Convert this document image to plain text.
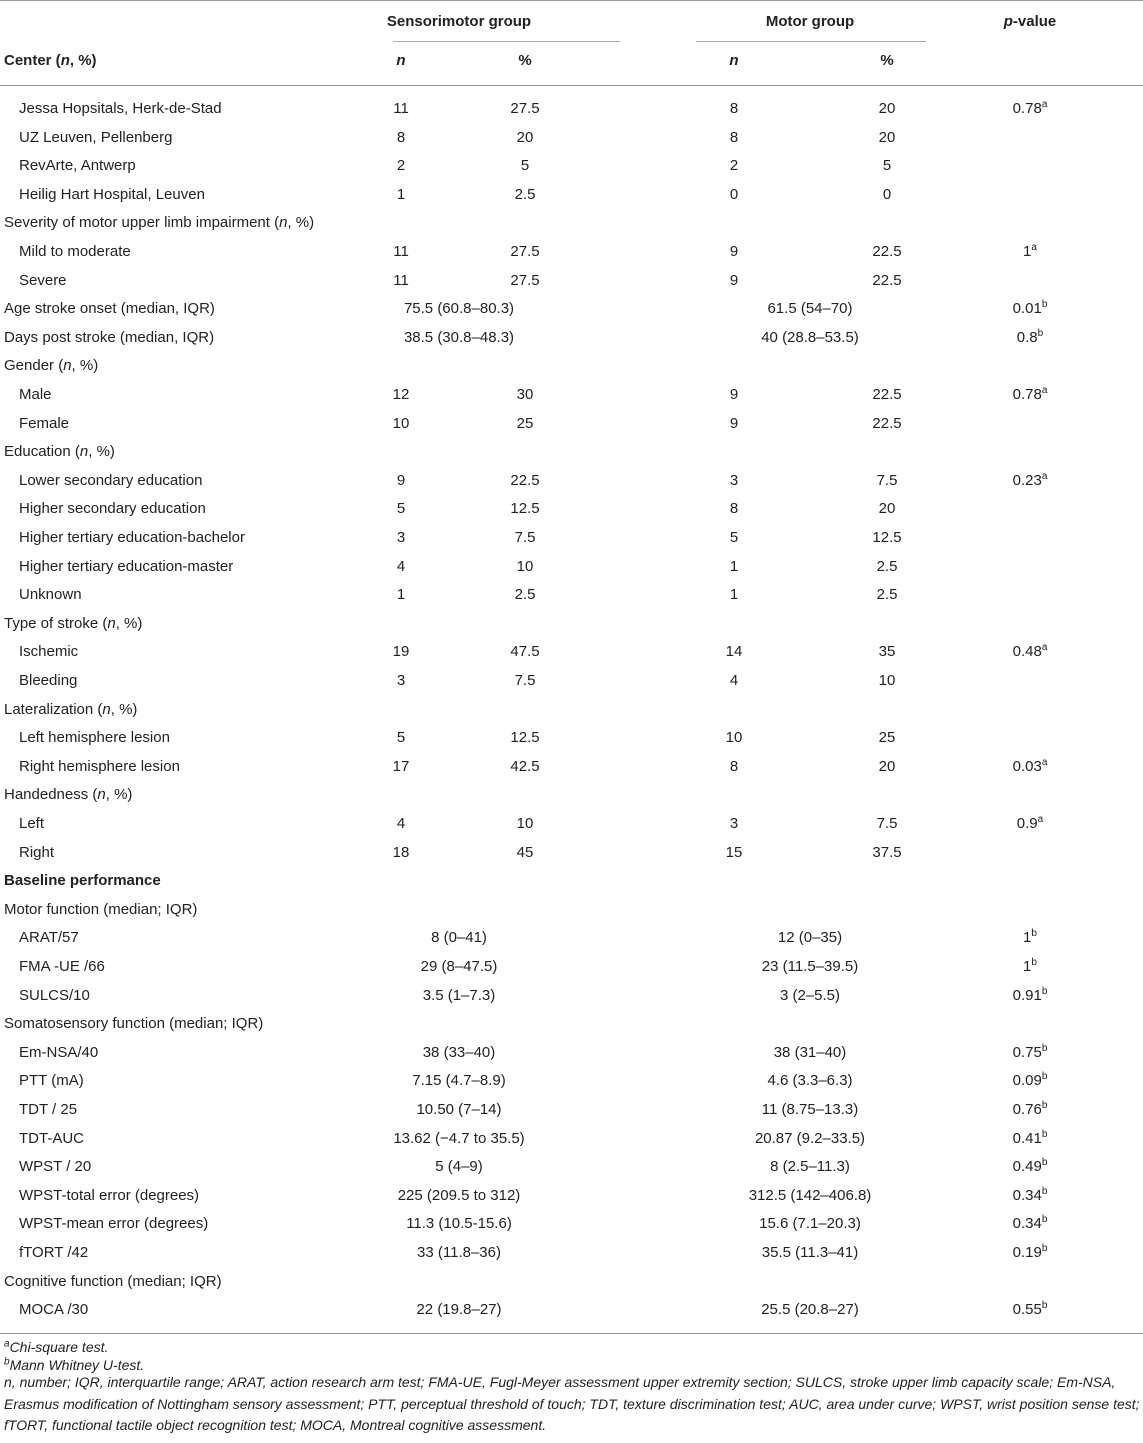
Sensorimotor group	Motor group	p-value
Center (n, %)	n	%	n	%
Jessa Hopsitals, Herk-de-Stad	11	27.5	8	20	0.78$^a$
UZ Leuven, Pellenberg	8	20	8	20
RevArte, Antwerp	2	5	2	5
Heilig Hart Hospital, Leuven	1	2.5	0	0
Severity of motor upper limb impairment (n, %)
Mild to moderate	11	27.5	9	22.5	1$^a$
Severe	11	27.5	9	22.5
Age stroke onset (median, IQR)	75.5 (60.8–80.3)	61.5 (54–70)	0.01$^b$
Days post stroke (median, IQR)	38.5 (30.8–48.3)	40 (28.8–53.5)	0.8$^b$
Gender (n, %)
Male	12	30	9	22.5	0.78$^a$
Female	10	25	9	22.5
Education (n, %)
Lower secondary education	9	22.5	3	7.5	0.23$^a$
Higher secondary education	5	12.5	8	20
Higher tertiary education-bachelor	3	7.5	5	12.5
Higher tertiary education-master	4	10	1	2.5
Unknown	1	2.5	1	2.5
Type of stroke (n, %)
Ischemic	19	47.5	14	35	0.48$^a$
Bleeding	3	7.5	4	10
Lateralization (n, %)
Left hemisphere lesion	5	12.5	10	25
Right hemisphere lesion	17	42.5	8	20	0.03$^a$
Handedness (n, %)
Left	4	10	3	7.5	0.9$^a$
Right	18	45	15	37.5
Baseline performance
Motor function (median; IQR)
ARAT/57	8 (0–41)	12 (0–35)	1$^b$
FMA -UE /66	29 (8–47.5)	23 (11.5–39.5)	1$^b$
SULCS/10	3.5 (1–7.3)	3 (2–5.5)	0.91$^b$
Somatosensory function (median; IQR)
Em-NSA/40	38 (33–40)	38 (31–40)	0.75$^b$
PTT (mA)	7.15 (4.7–8.9)	4.6 (3.3–6.3)	0.09$^b$
TDT / 25	10.50 (7–14)	11 (8.75–13.3)	0.76$^b$
TDT-AUC	13.62 (−4.7 to 35.5)	20.87 (9.2–33.5)	0.41$^b$
WPST / 20	5 (4–9)	8 (2.5–11.3)	0.49$^b$
WPST-total error (degrees)	225 (209.5 to 312)	312.5 (142–406.8)	0.34$^b$
WPST-mean error (degrees)	11.3 (10.5-15.6)	15.6 (7.1–20.3)	0.34$^b$
fTORT /42	33 (11.8–36)	35.5 (11.3–41)	0.19$^b$
Cognitive function (median; IQR)
MOCA /30	22 (19.8–27)	25.5 (20.8–27)	0.55$^b$
$^a$Chi-square test.
$^b$Mann Whitney U-test.
n, number; IQR, interquartile range; ARAT, action research arm test; FMA-UE, Fugl-Meyer assessment upper extremity section; SULCS, stroke upper limb capacity scale; Em-NSA, Erasmus modification of Nottingham sensory assessment; PTT, perceptual threshold of touch; TDT, texture discrimination test; AUC, area under curve; WPST, wrist position sense test; fTORT, functional tactile object recognition test; MOCA, Montreal cognitive assessment.
